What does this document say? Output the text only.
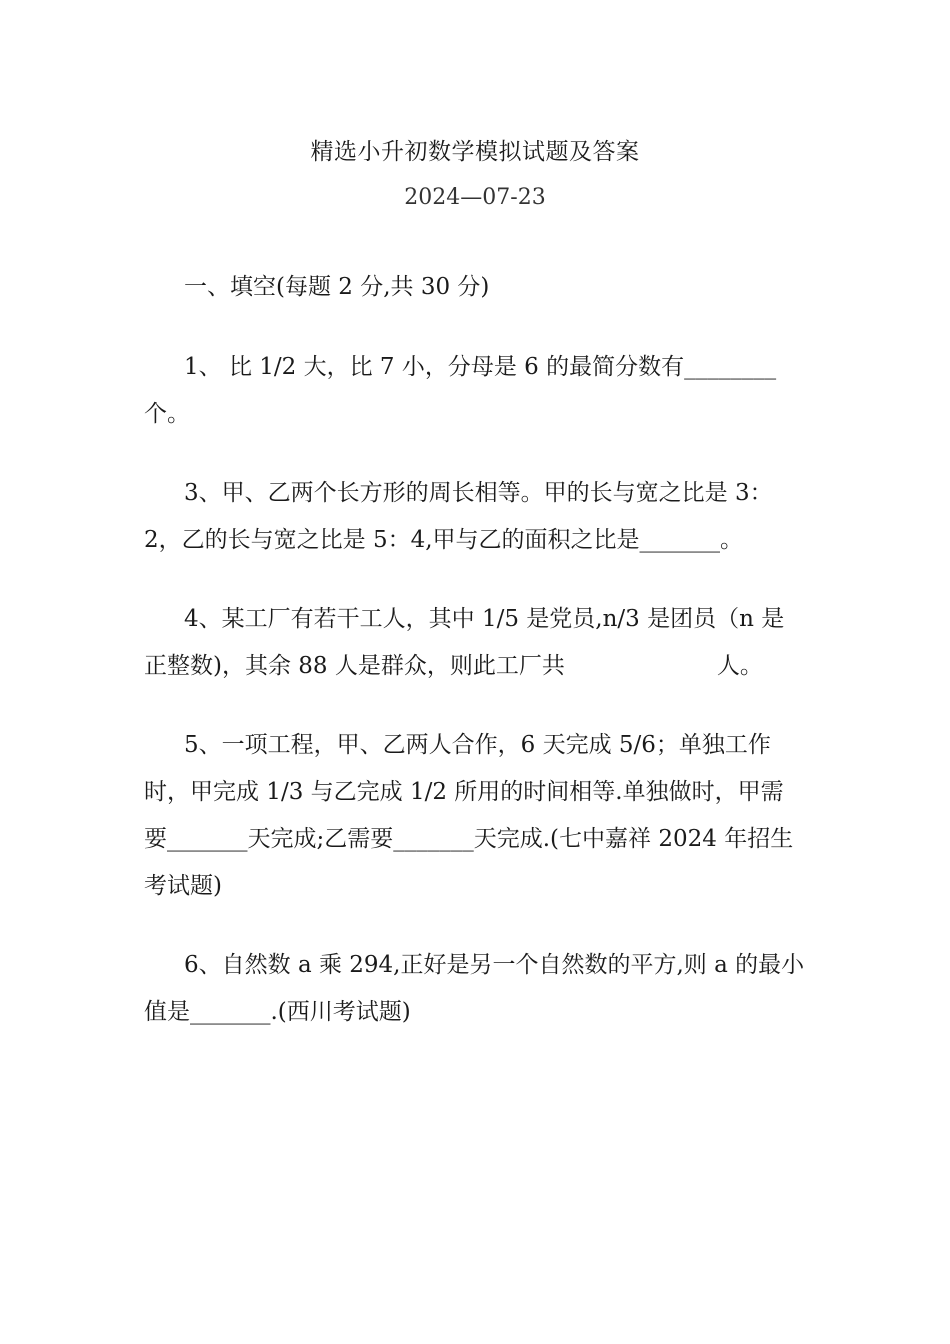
精选小升初数学模拟试题及答案
2024—07-23

一、填空(每题 2 分,共 30 分)

1、 比 1/2 大，比 7 小，分母是 6 的最简分数有________个。

3、甲、乙两个长方形的周长相等。甲的长与宽之比是 3：2，乙的长与宽之比是 5：4,甲与乙的面积之比是_______。

4、某工厂有若干工人，其中 1/5 是党员,n/3 是团员（n 是正整数)，其余 88 人是群众，则此工厂共	人。

5、一项工程，甲、乙两人合作，6 天完成 5/6；单独工作时，甲完成 1/3 与乙完成 1/2 所用的时间相等.单独做时，甲需要_______天完成;乙需要_______天完成.(七中嘉祥 2024 年招生考试题)

6、自然数 a 乘 294,正好是另一个自然数的平方,则 a 的最小值是_______.(西川考试题)
